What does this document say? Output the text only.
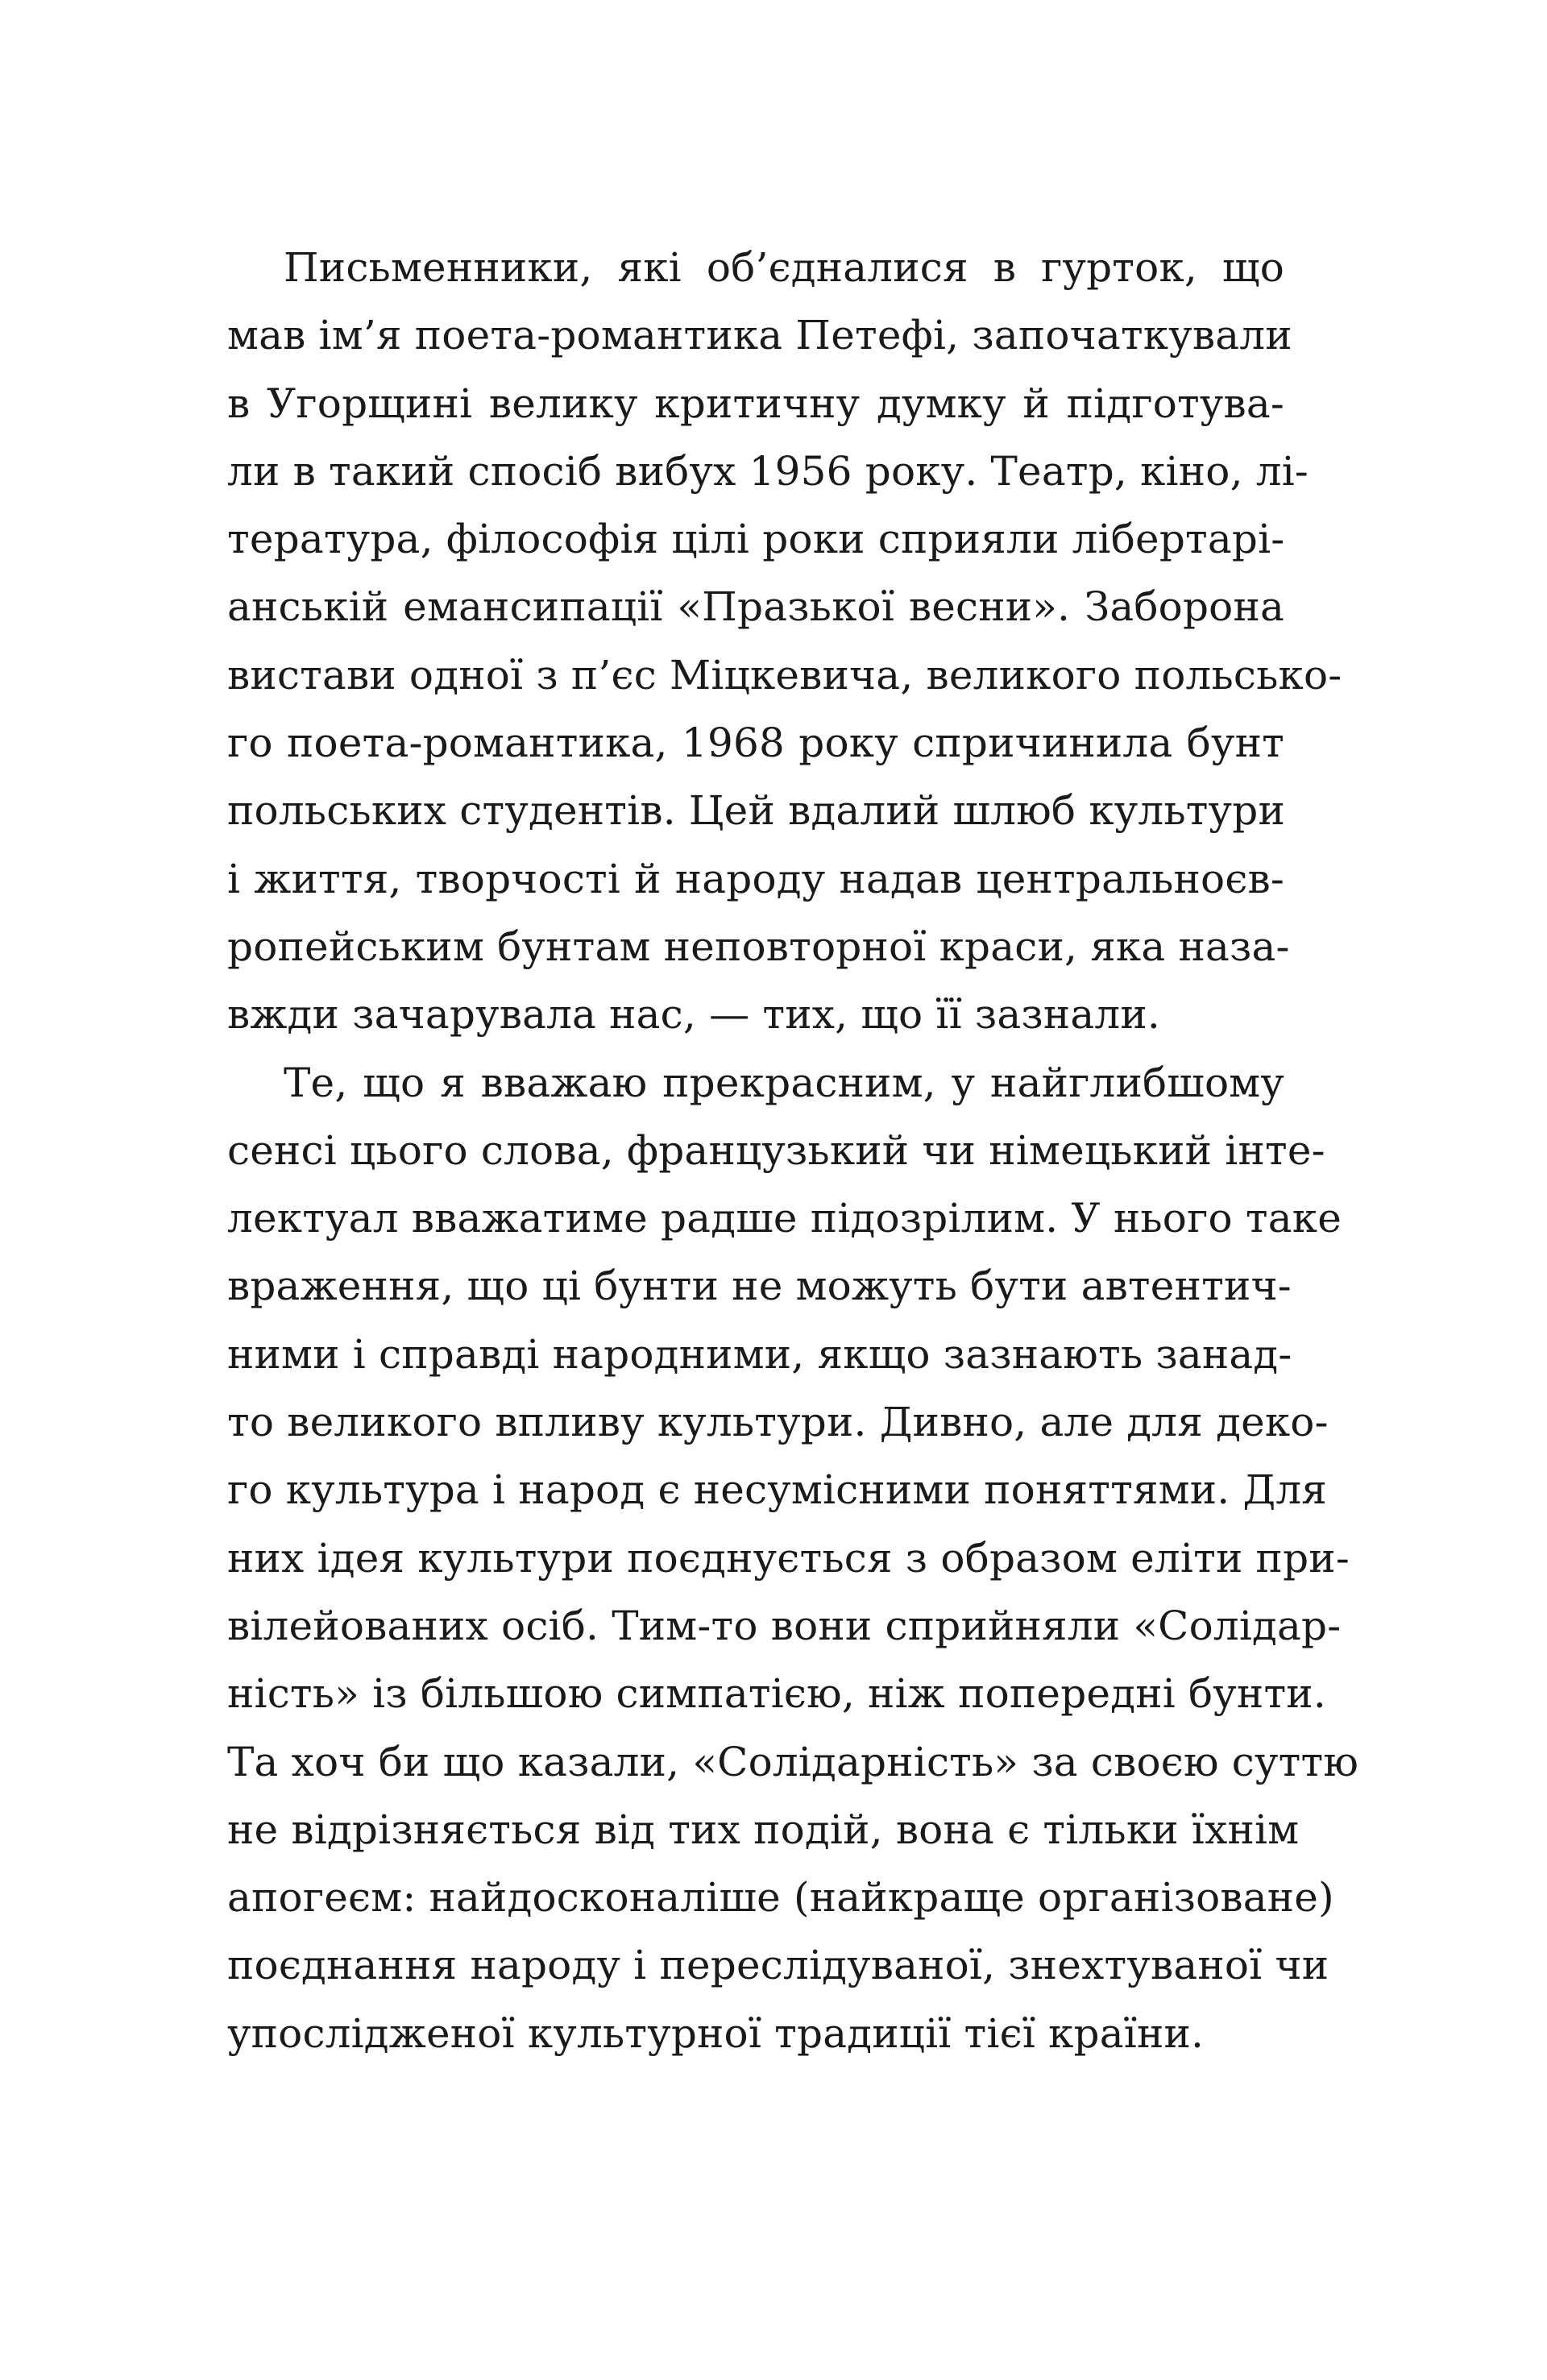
Письменники, які об’єдналися в гурток, що
мав ім’я поета-романтика Петефі, започаткували
в Угорщині велику критичну думку й підготува-
ли в такий спосіб вибух 1956 року. Театр, кіно, лі-
тература, філософія цілі роки сприяли лібертарі-
анській емансипації «Празької весни». Заборона
вистави одної з п’єс Міцкевича, великого польсько-
го поета-романтика, 1968 року спричинила бунт
польських студентів. Цей вдалий шлюб культури
і життя, творчості й народу надав центральноєв-
ропейським бунтам неповторної краси, яка наза-
вжди зачарувала нас, — тих, що її зазнали.

Те, що я вважаю прекрасним, у найглибшому
сенсі цього слова, французький чи німецький інте-
лектуал вважатиме радше підозрілим. У нього таке
враження, що ці бунти не можуть бути автентич-
ними і справді народними, якщо зазнають занад-
то великого впливу культури. Дивно, але для деко-
го культура і народ є несумісними поняттями. Для
них ідея культури поєднується з образом еліти при-
вілейованих осіб. Тим-то вони сприйняли «Солідар-
ність» із більшою симпатією, ніж попередні бунти.
Та хоч би що казали, «Солідарність» за своєю суттю
не відрізняється від тих подій, вона є тільки їхнім
апогеєм: найдосконаліше (найкраще організоване)
поєднання народу і переслідуваної, знехтуваної чи
упослідженої культурної традиції тієї країни.
